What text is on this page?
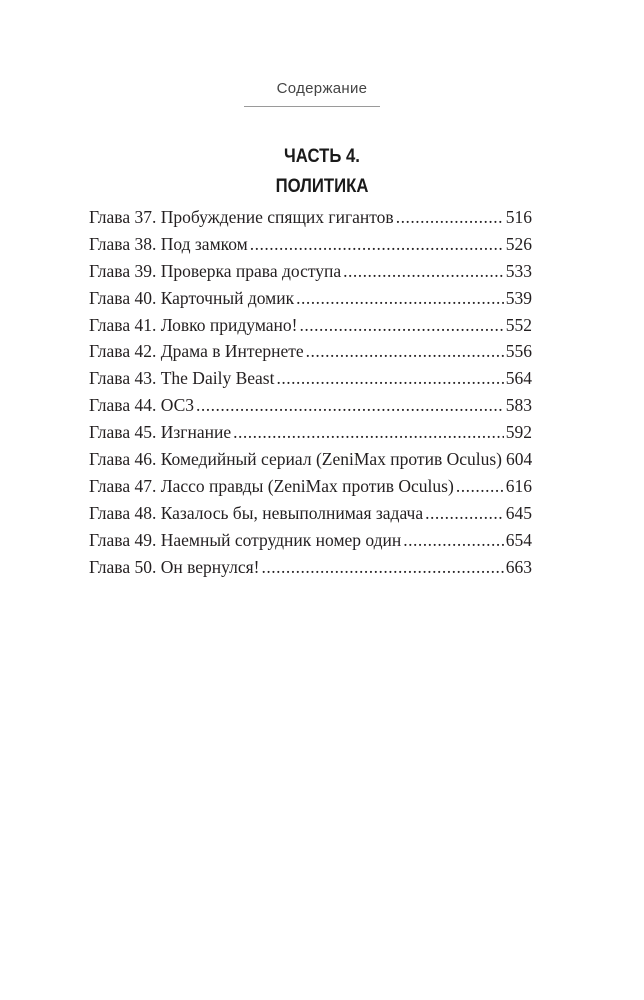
Содержание
ЧАСТЬ 4.
ПОЛИТИКА
Глава 37. Пробуждение спящих гигантов .....	516
Глава 38. Под замком .....	526
Глава 39. Проверка права доступа .....	533
Глава 40. Карточный домик .....	539
Глава 41. Ловко придумано! .....	552
Глава 42. Драма в Интернете .....	556
Глава 43. The Daily Beast .....	564
Глава 44. ОС3 .....	583
Глава 45. Изгнание .....	592
Глава 46. Комедийный сериал (ZeniMax против Oculus) 604
Глава 47. Лассо правды (ZeniMax против Oculus) .....	616
Глава 48. Казалось бы, невыполнимая задача .....	645
Глава 49. Наемный сотрудник номер один .....	654
Глава 50. Он вернулся! .....	663
